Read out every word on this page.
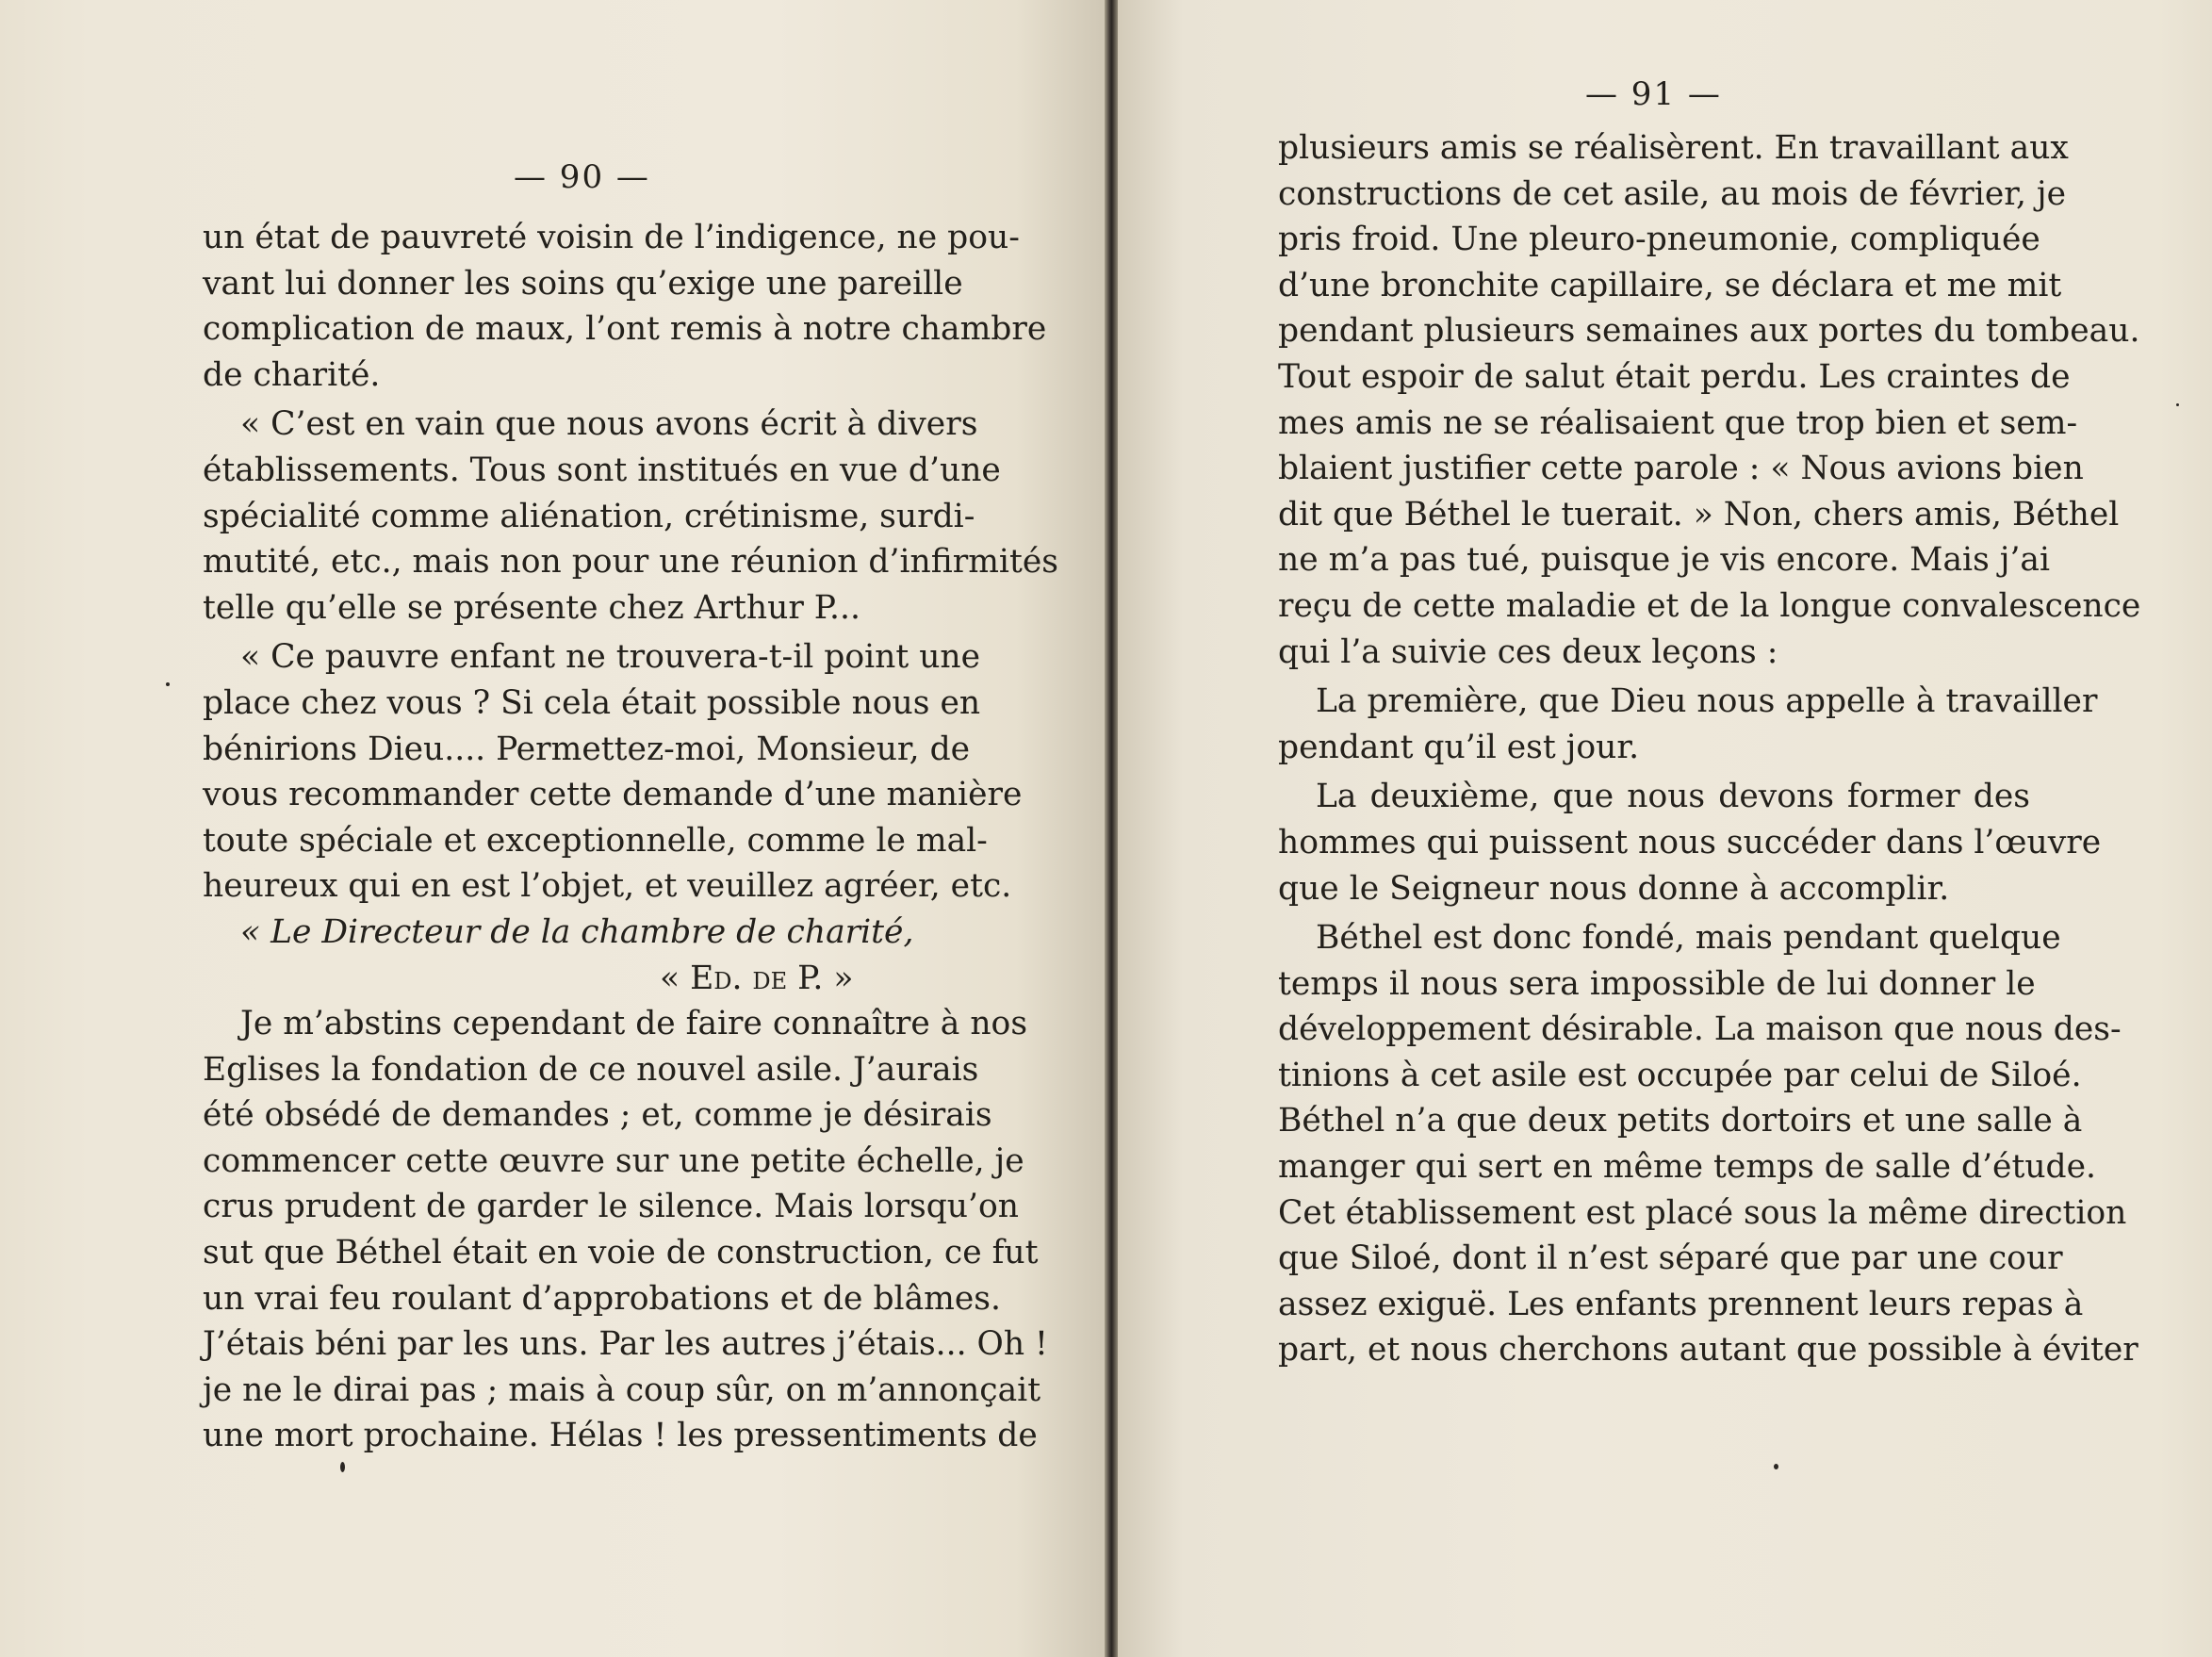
— 90 —
un état de pauvreté voisin de l’indigence, ne pou-
vant lui donner les soins qu’exige une pareille
complication de maux, l’ont remis à notre chambre
de charité.
« C’est en vain que nous avons écrit à divers
établissements. Tous sont institués en vue d’une
spécialité comme aliénation, crétinisme, surdi-
mutité, etc., mais non pour une réunion d’infirmités
telle qu’elle se présente chez Arthur P...
« Ce pauvre enfant ne trouvera-t-il point une
place chez vous ? Si cela était possible nous en
bénirions Dieu.... Permettez-moi, Monsieur, de
vous recommander cette demande d’une manière
toute spéciale et exceptionnelle, comme le mal-
heureux qui en est l’objet, et veuillez agréer, etc.
« Le Directeur de la chambre de charité,
« Ed. de P. »
Je m’abstins cependant de faire connaître à nos
Eglises la fondation de ce nouvel asile. J’aurais
été obsédé de demandes ; et, comme je désirais
commencer cette œuvre sur une petite échelle, je
crus prudent de garder le silence. Mais lorsqu’on
sut que Béthel était en voie de construction, ce fut
un vrai feu roulant d’approbations et de blâmes.
J’étais béni par les uns. Par les autres j’étais... Oh !
je ne le dirai pas ; mais à coup sûr, on m’annonçait
une mort prochaine. Hélas ! les pressentiments de
— 91 —
plusieurs amis se réalisèrent. En travaillant aux
constructions de cet asile, au mois de février, je
pris froid. Une pleuro-pneumonie, compliquée
d’une bronchite capillaire, se déclara et me mit
pendant plusieurs semaines aux portes du tombeau.
Tout espoir de salut était perdu. Les craintes de
mes amis ne se réalisaient que trop bien et sem-
blaient justifier cette parole : « Nous avions bien
dit que Béthel le tuerait. » Non, chers amis, Béthel
ne m’a pas tué, puisque je vis encore. Mais j’ai
reçu de cette maladie et de la longue convalescence
qui l’a suivie ces deux leçons :
La première, que Dieu nous appelle à travailler
pendant qu’il est jour.
La deuxième, que nous devons former des
hommes qui puissent nous succéder dans l’œuvre
que le Seigneur nous donne à accomplir.
Béthel est donc fondé, mais pendant quelque
temps il nous sera impossible de lui donner le
développement désirable. La maison que nous des-
tinions à cet asile est occupée par celui de Siloé.
Béthel n’a que deux petits dortoirs et une salle à
manger qui sert en même temps de salle d’étude.
Cet établissement est placé sous la même direction
que Siloé, dont il n’est séparé que par une cour
assez exiguë. Les enfants prennent leurs repas à
part, et nous cherchons autant que possible à éviter
